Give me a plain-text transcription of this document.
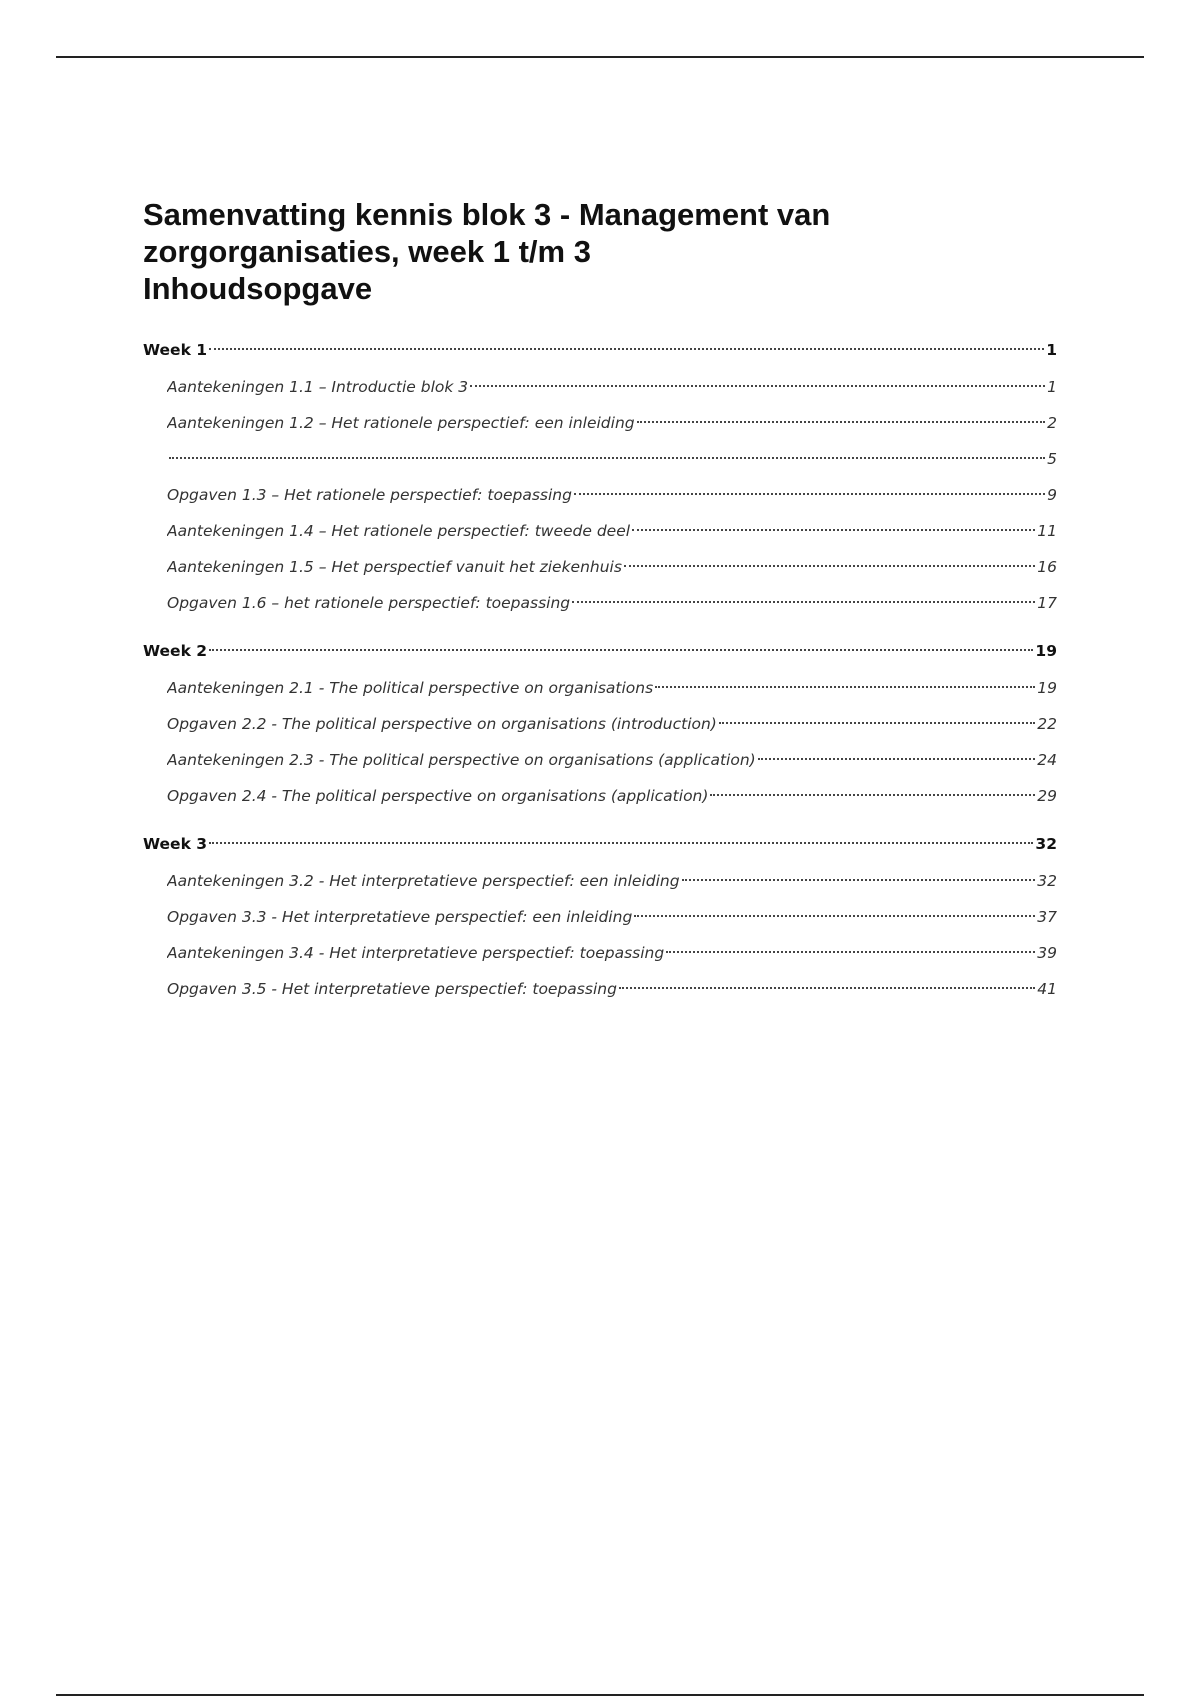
Samenvatting kennis blok 3 - Management van zorgorganisaties, week 1 t/m 3
Inhoudsopgave
Week 1	1
Aantekeningen 1.1 – Introductie blok 3	1
Aantekeningen 1.2 – Het rationele perspectief: een inleiding	2
5
Opgaven 1.3 – Het rationele perspectief: toepassing	9
Aantekeningen 1.4 – Het rationele perspectief: tweede deel	11
Aantekeningen 1.5 – Het perspectief vanuit het ziekenhuis	16
Opgaven 1.6 – het rationele perspectief: toepassing	17
Week 2	19
Aantekeningen 2.1 - The political perspective on organisations	19
Opgaven 2.2 - The political perspective on organisations (introduction)	22
Aantekeningen 2.3 - The political perspective on organisations (application)	24
Opgaven 2.4 - The political perspective on organisations (application)	29
Week 3	32
Aantekeningen 3.2 - Het interpretatieve perspectief: een inleiding	32
Opgaven 3.3 - Het interpretatieve perspectief: een inleiding	37
Aantekeningen 3.4 - Het interpretatieve perspectief: toepassing	39
Opgaven 3.5 - Het interpretatieve perspectief: toepassing	41
